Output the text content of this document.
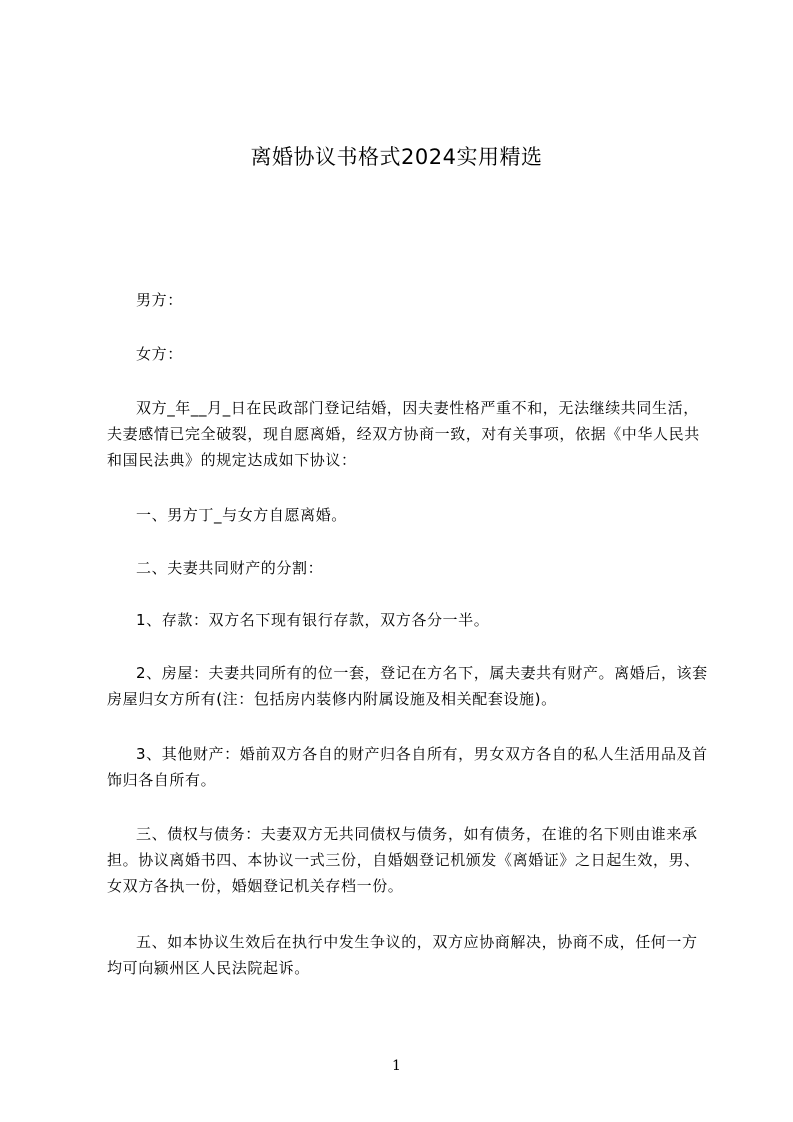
离婚协议书格式2024实用精选
男方：
女方：
双方_年__月_日在民政部门登记结婚，因夫妻性格严重不和，无法继续共同生活，夫妻感情已完全破裂，现自愿离婚，经双方协商一致，对有关事项，依据《中华人民共和国民法典》的规定达成如下协议：
一、男方丁_与女方自愿离婚。
二、夫妻共同财产的分割：
1、存款：双方名下现有银行存款，双方各分一半。
2、房屋：夫妻共同所有的位一套，登记在方名下，属夫妻共有财产。离婚后，该套房屋归女方所有(注：包括房内装修内附属设施及相关配套设施)。
3、其他财产：婚前双方各自的财产归各自所有，男女双方各自的私人生活用品及首饰归各自所有。
三、债权与债务：夫妻双方无共同债权与债务，如有债务，在谁的名下则由谁来承担。协议离婚书四、本协议一式三份，自婚姻登记机颁发《离婚证》之日起生效，男、女双方各执一份，婚姻登记机关存档一份。
五、如本协议生效后在执行中发生争议的，双方应协商解决，协商不成，任何一方均可向颍州区人民法院起诉。
1
